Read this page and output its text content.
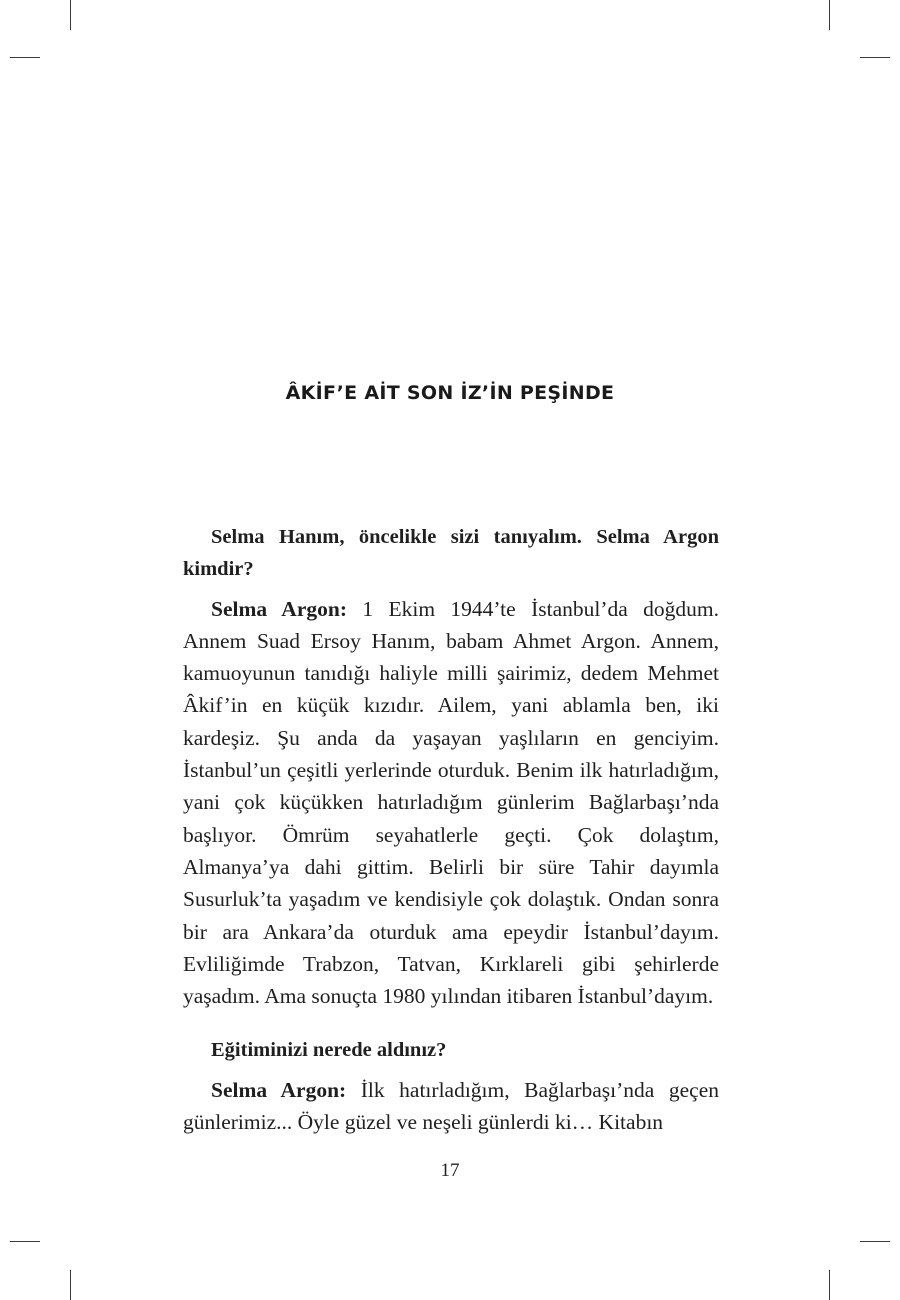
ÂKİF’E AİT SON İZ’İN PEŞİNDE

Selma Hanım, öncelikle sizi tanıyalım. Selma Argon kimdir?

Selma Argon: 1 Ekim 1944’te İstanbul’da doğdum. Annem Suad Ersoy Hanım, babam Ahmet Argon. Annem, kamuoyunun tanıdığı haliyle milli şairimiz, dedem Mehmet Âkif’in en küçük kızıdır. Ailem, yani ablamla ben, iki kardeşiz. Şu anda da yaşayan yaşlıların en genciyim. İstanbul’un çeşitli yerlerinde oturduk. Benim ilk hatırladığım, yani çok küçükken hatırladığım günlerim Bağlarbaşı’nda başlıyor. Ömrüm seyahatlerle geçti. Çok dolaştım, Almanya’ya dahi gittim. Belirli bir süre Tahir dayımla Susurluk’ta yaşadım ve kendisiyle çok dolaştık. Ondan sonra bir ara Ankara’da oturduk ama epeydir İstanbul’dayım. Evliliğimde Trabzon, Tatvan, Kırklareli gibi şehirlerde yaşadım. Ama sonuçta 1980 yılından itibaren İstanbul’dayım.

Eğitiminizi nerede aldınız?

Selma Argon: İlk hatırladığım, Bağlarbaşı’nda geçen günlerimiz... Öyle güzel ve neşeli günlerdi ki… Kitabın

17
